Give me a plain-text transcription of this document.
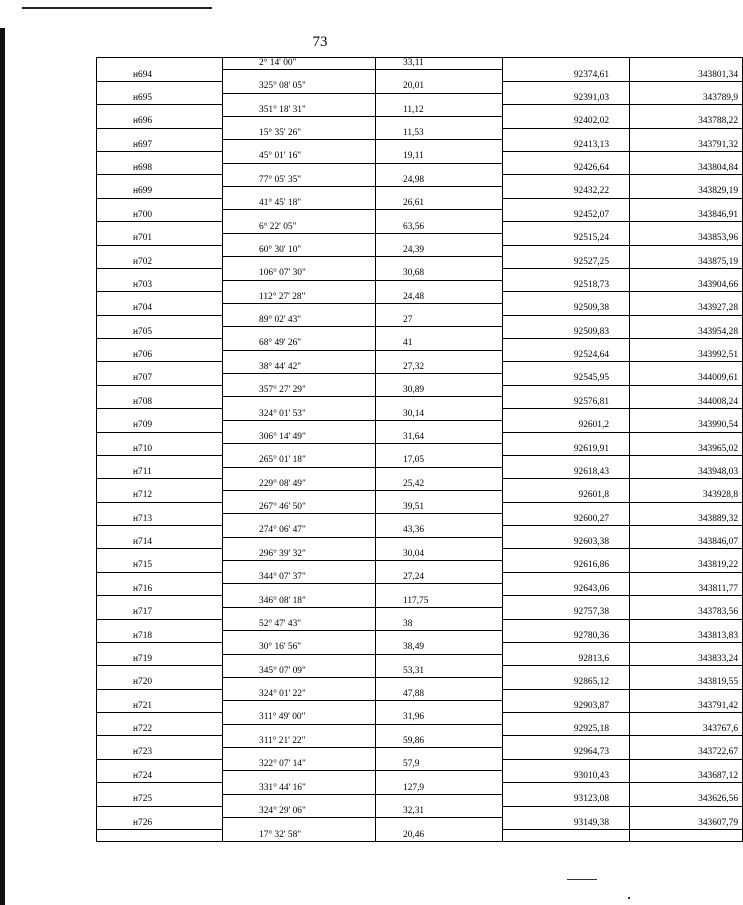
73
	2° 14' 00"	33,11		
н694			92374,61	343801,34
	325° 08' 05"	20,01		
н695			92391,03	343789,9
	351° 18' 31"	11,12		
н696			92402,02	343788,22
	15° 35' 26"	11,53		
н697			92413,13	343791,32
	45° 01' 16"	19,11		
н698			92426,64	343804,84
	77° 05' 35"	24,98		
н699			92432,22	343829,19
	41° 45' 18"	26,61		
н700			92452,07	343846,91
	6° 22' 05"	63,56		
н701			92515,24	343853,96
	60° 30' 10"	24,39		
н702			92527,25	343875,19
	106° 07' 30"	30,68		
н703			92518,73	343904,66
	112° 27' 28"	24,48		
н704			92509,38	343927,28
	89° 02' 43"	27		
н705			92509,83	343954,28
	68° 49' 26"	41		
н706			92524,64	343992,51
	38° 44' 42"	27,32		
н707			92545,95	344009,61
	357° 27' 29"	30,89		
н708			92576,81	344008,24
	324° 01' 53"	30,14		
н709			92601,2	343990,54
	306° 14' 49"	31,64		
н710			92619,91	343965,02
	265° 01' 18"	17,05		
н711			92618,43	343948,03
	229° 08' 49"	25,42		
н712			92601,8	343928,8
	267° 46' 50"	39,51		
н713			92600,27	343889,32
	274° 06' 47"	43,36		
н714			92603,38	343846,07
	296° 39' 32"	30,04		
н715			92616,86	343819,22
	344° 07' 37"	27,24		
н716			92643,06	343811,77
	346° 08' 18"	117,75		
н717			92757,38	343783,56
	52° 47' 43"	38		
н718			92780,36	343813,83
	30° 16' 56"	38,49		
н719			92813,6	343833,24
	345° 07' 09"	53,31		
н720			92865,12	343819,55
	324° 01' 22"	47,88		
н721			92903,87	343791,42
	311° 49' 00"	31,96		
н722			92925,18	343767,6
	311° 21' 22"	59,86		
н723			92964,73	343722,67
	322° 07' 14"	57,9		
н724			93010,43	343687,12
	331° 44' 16"	127,9		
н725			93123,08	343626,56
	324° 29' 06"	32,31		
н726			93149,38	343607,79
	17° 32' 58"	20,46		
